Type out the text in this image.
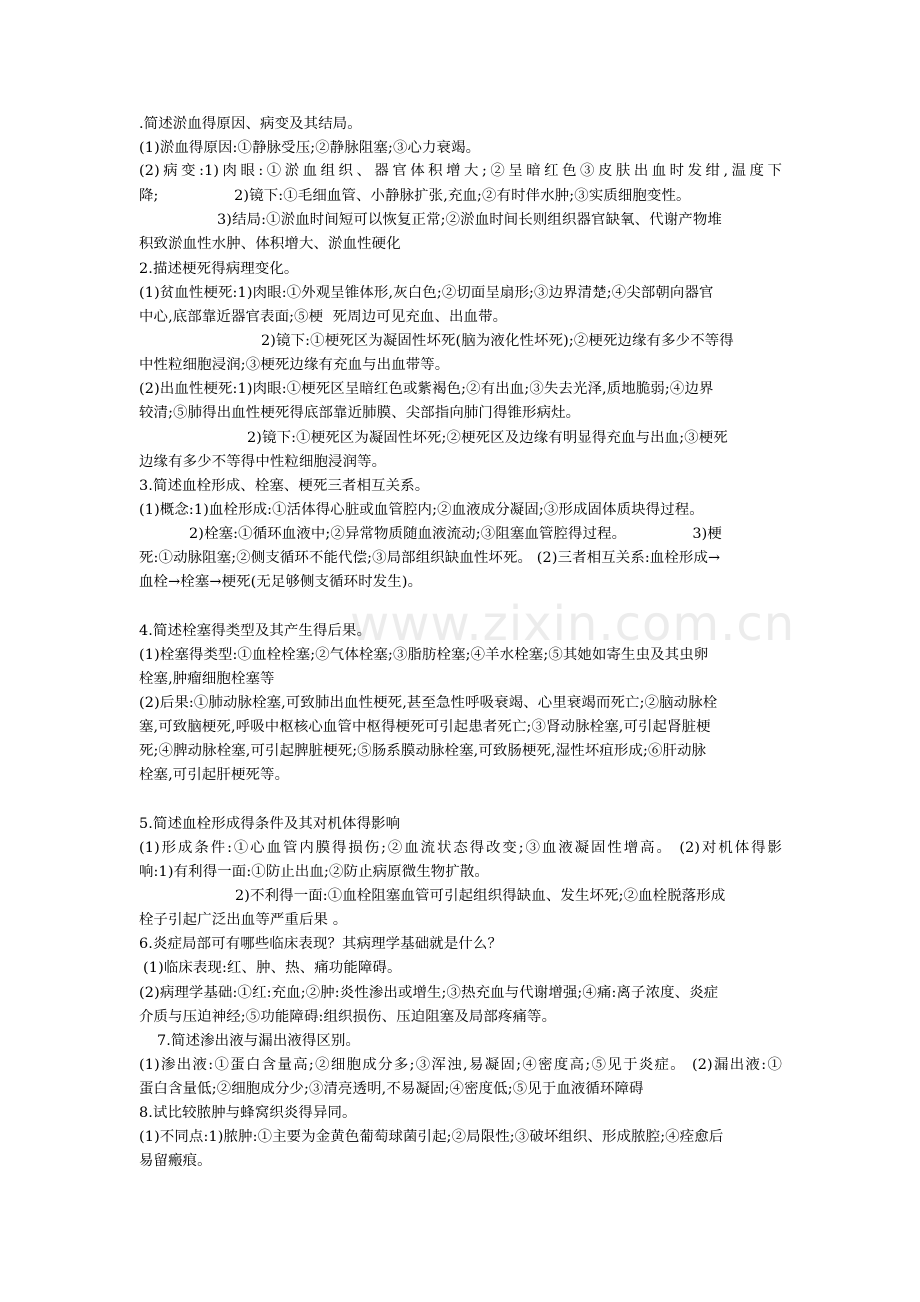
www.zixin.com.cn
.简述淤血得原因、病变及其结局。
(1)淤血得原因:①静脉受压;②静脉阻塞;③心力衰竭。
(2)病变:1)肉眼:①淤血组织、器官体积增大;②呈暗红色③皮肤出血时发绀,温度下
降;                2)镜下:①毛细血管、小静脉扩张,充血;②有时伴水肿;③实质细胞变性。
3)结局:①淤血时间短可以恢复正常;②淤血时间长则组织器官缺氧、代谢产物堆
积致淤血性水肿、体积增大、淤血性硬化
2.描述梗死得病理变化。
(1)贫血性梗死:1)肉眼:①外观呈锥体形,灰白色;②切面呈扇形;③边界清楚;④尖部朝向器官
中心,底部靠近器官表面;⑤梗  死周边可见充血、出血带。
2)镜下:①梗死区为凝固性坏死(脑为液化性坏死);②梗死边缘有多少不等得
中性粒细胞浸润;③梗死边缘有充血与出血带等。
(2)出血性梗死:1)肉眼:①梗死区呈暗红色或紫褐色;②有出血;③失去光泽,质地脆弱;④边界
较清;⑤肺得出血性梗死得底部靠近肺膜、尖部指向肺门得锥形病灶。
2)镜下:①梗死区为凝固性坏死;②梗死区及边缘有明显得充血与出血;③梗死
边缘有多少不等得中性粒细胞浸润等。
3.简述血栓形成、栓塞、梗死三者相互关系。
(1)概念:1)血栓形成:①活体得心脏或血管腔内;②血液成分凝固;③形成固体质块得过程。
2)栓塞:①循环血液中;②异常物质随血液流动;③阻塞血管腔得过程。              3)梗
死:①动脉阻塞;②侧支循环不能代偿;③局部组织缺血性坏死。 (2)三者相互关系:血栓形成→
血栓→栓塞→梗死(无足够侧支循环时发生)。
4.简述栓塞得类型及其产生得后果。
(1)栓塞得类型:①血栓栓塞;②气体栓塞;③脂肪栓塞;④羊水栓塞;⑤其她如寄生虫及其虫卵
栓塞,肿瘤细胞栓塞等
(2)后果:①肺动脉栓塞,可致肺出血性梗死,甚至急性呼吸衰竭、心里衰竭而死亡;②脑动脉栓
塞,可致脑梗死,呼吸中枢核心血管中枢得梗死可引起患者死亡;③肾动脉栓塞,可引起肾脏梗
死;④脾动脉栓塞,可引起脾脏梗死;⑤肠系膜动脉栓塞,可致肠梗死,湿性坏疽形成;⑥肝动脉
栓塞,可引起肝梗死等。
5.简述血栓形成得条件及其对机体得影响
(1)形成条件:①心血管内膜得损伤;②血流状态得改变;③血液凝固性增高。 (2)对机体得影
响:1)有利得一面:①防止出血;②防止病原微生物扩散。
2)不利得一面:①血栓阻塞血管可引起组织得缺血、发生坏死;②血栓脱落形成
栓子引起广泛出血等严重后果 。
6.炎症局部可有哪些临床表现？其病理学基础就是什么？
(1)临床表现:红、肿、热、痛功能障碍。
(2)病理学基础:①红:充血;②肿:炎性渗出或增生;③热充血与代谢增强;④痛:离子浓度、炎症
介质与压迫神经;⑤功能障碍:组织损伤、压迫阻塞及局部疼痛等。
7.简述渗出液与漏出液得区别。
(1)渗出液:①蛋白含量高;②细胞成分多;③浑浊,易凝固;④密度高;⑤见于炎症。 (2)漏出液:①
蛋白含量低;②细胞成分少;③清亮透明,不易凝固;④密度低;⑤见于血液循环障碍
8.试比较脓肿与蜂窝织炎得异同。
(1)不同点:1)脓肿:①主要为金黄色葡萄球菌引起;②局限性;③破坏组织、形成脓腔;④痊愈后
易留瘢痕。
